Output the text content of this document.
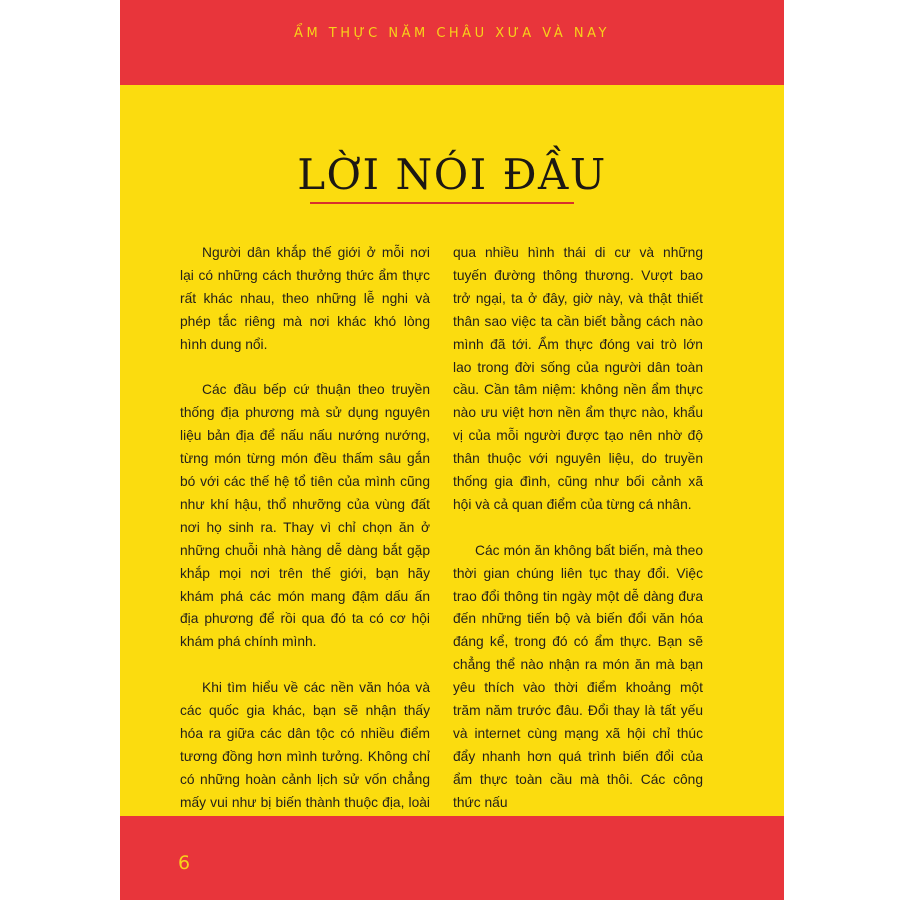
ẨM THỰC NĂM CHÂU XƯA VÀ NAY
LỜI NÓI ĐẦU

Người dân khắp thế giới ở mỗi nơi lại có những cách thưởng thức ẩm thực rất khác nhau, theo những lễ nghi và phép tắc riêng mà nơi khác khó lòng hình dung nổi.

Các đầu bếp cứ thuận theo truyền thống địa phương mà sử dụng nguyên liệu bản địa để nấu nấu nướng nướng, từng món từng món đều thấm sâu gắn bó với các thế hệ tổ tiên của mình cũng như khí hậu, thổ nhưỡng của vùng đất nơi họ sinh ra. Thay vì chỉ chọn ăn ở những chuỗi nhà hàng dễ dàng bắt gặp khắp mọi nơi trên thế giới, bạn hãy khám phá các món mang đậm dấu ấn địa phương để rồi qua đó ta có cơ hội khám phá chính mình.

Khi tìm hiểu về các nền văn hóa và các quốc gia khác, bạn sẽ nhận thấy hóa ra giữa các dân tộc có nhiều điểm tương đồng hơn mình tưởng. Không chỉ có những hoàn cảnh lịch sử vốn chẳng mấy vui như bị biến thành thuộc địa, loài

qua nhiều hình thái di cư và những tuyến đường thông thương. Vượt bao trở ngại, ta ở đây, giờ này, và thật thiết thân sao việc ta cần biết bằng cách nào mình đã tới. Ẩm thực đóng vai trò lớn lao trong đời sống của người dân toàn cầu. Cần tâm niệm: không nền ẩm thực nào ưu việt hơn nền ẩm thực nào, khẩu vị của mỗi người được tạo nên nhờ độ thân thuộc với nguyên liệu, do truyền thống gia đình, cũng như bối cảnh xã hội và cả quan điểm của từng cá nhân.

Các món ăn không bất biến, mà theo thời gian chúng liên tục thay đổi. Việc trao đổi thông tin ngày một dễ dàng đưa đến những tiến bộ và biến đổi văn hóa đáng kể, trong đó có ẩm thực. Bạn sẽ chẳng thể nào nhận ra món ăn mà bạn yêu thích vào thời điểm khoảng một trăm năm trước đâu. Đổi thay là tất yếu và internet cùng mạng xã hội chỉ thúc đẩy nhanh hơn quá trình biến đổi của ẩm thực toàn cầu mà thôi. Các công thức nấu

6
